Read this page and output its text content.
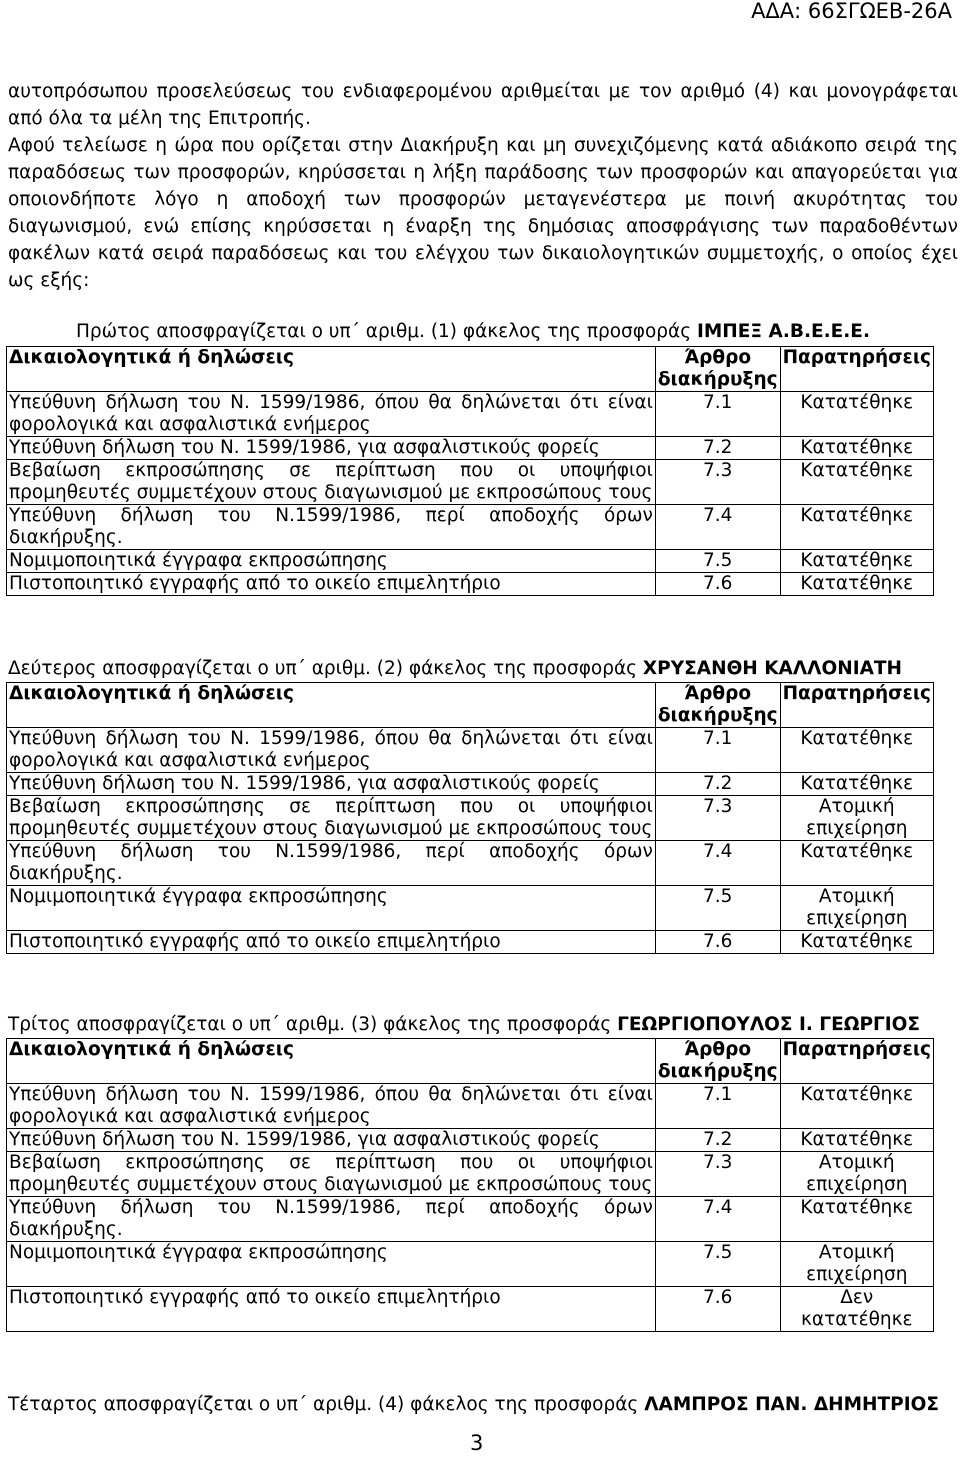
ΑΔΑ: 66ΣΓΩΕΒ-26Α

αυτοπρόσωπου προσελεύσεως του ενδιαφερομένου αριθμείται με τον αριθμό (4) και μονογράφεται από όλα τα μέλη της Επιτροπής.

Αφού τελείωσε η ώρα που ορίζεται στην Διακήρυξη και μη συνεχιζόμενης κατά αδιάκοπο σειρά της παραδόσεως των προσφορών, κηρύσσεται η λήξη παράδοσης των προσφορών και απαγορεύεται για οποιονδήποτε λόγο η αποδοχή των προσφορών μεταγενέστερα με ποινή ακυρότητας του διαγωνισμού, ενώ επίσης κηρύσσεται η έναρξη της δημόσιας αποσφράγισης των παραδοθέντων φακέλων κατά σειρά παραδόσεως και του ελέγχου των δικαιολογητικών συμμετοχής, ο οποίος έχει ως εξής:

Πρώτος αποσφραγίζεται ο υπ΄ αριθμ. (1) φάκελος της προσφοράς ΙΜΠΕΞ Α.Β.Ε.Ε.Ε.
Δικαιολογητικά ή δηλώσεις	Άρθρο διακήρυξης	Παρατηρήσεις
Υπεύθυνη δήλωση του Ν. 1599/1986, όπου θα δηλώνεται ότι είναι φορολογικά και ασφαλιστικά ενήμερος	7.1	Κατατέθηκε
Υπεύθυνη δήλωση του Ν. 1599/1986, για ασφαλιστικούς φορείς	7.2	Κατατέθηκε
Βεβαίωση εκπροσώπησης σε περίπτωση που οι υποψήφιοι προμηθευτές συμμετέχουν στους διαγωνισμού με εκπροσώπους τους	7.3	Κατατέθηκε
Υπεύθυνη δήλωση του Ν.1599/1986, περί αποδοχής όρων διακήρυξης.	7.4	Κατατέθηκε
Νομιμοποιητικά έγγραφα εκπροσώπησης	7.5	Κατατέθηκε
Πιστοποιητικό εγγραφής από το οικείο επιμελητήριο	7.6	Κατατέθηκε
Δεύτερος αποσφραγίζεται ο υπ΄ αριθμ. (2) φάκελος της προσφοράς ΧΡΥΣΑΝΘΗ ΚΑΛΛΟΝΙΑΤΗ
Δικαιολογητικά ή δηλώσεις	Άρθρο διακήρυξης	Παρατηρήσεις
Υπεύθυνη δήλωση του Ν. 1599/1986, όπου θα δηλώνεται ότι είναι φορολογικά και ασφαλιστικά ενήμερος	7.1	Κατατέθηκε
Υπεύθυνη δήλωση του Ν. 1599/1986, για ασφαλιστικούς φορείς	7.2	Κατατέθηκε
Βεβαίωση εκπροσώπησης σε περίπτωση που οι υποψήφιοι προμηθευτές συμμετέχουν στους διαγωνισμού με εκπροσώπους τους	7.3	Ατομική επιχείρηση
Υπεύθυνη δήλωση του Ν.1599/1986, περί αποδοχής όρων διακήρυξης.	7.4	Κατατέθηκε
Νομιμοποιητικά έγγραφα εκπροσώπησης	7.5	Ατομική επιχείρηση
Πιστοποιητικό εγγραφής από το οικείο επιμελητήριο	7.6	Κατατέθηκε
Τρίτος αποσφραγίζεται ο υπ΄ αριθμ. (3) φάκελος της προσφοράς ΓΕΩΡΓΙΟΠΟΥΛΟΣ Ι. ΓΕΩΡΓΙΟΣ
Δικαιολογητικά ή δηλώσεις	Άρθρο διακήρυξης	Παρατηρήσεις
Υπεύθυνη δήλωση του Ν. 1599/1986, όπου θα δηλώνεται ότι είναι φορολογικά και ασφαλιστικά ενήμερος	7.1	Κατατέθηκε
Υπεύθυνη δήλωση του Ν. 1599/1986, για ασφαλιστικούς φορείς	7.2	Κατατέθηκε
Βεβαίωση εκπροσώπησης σε περίπτωση που οι υποψήφιοι προμηθευτές συμμετέχουν στους διαγωνισμού με εκπροσώπους τους	7.3	Ατομική επιχείρηση
Υπεύθυνη δήλωση του Ν.1599/1986, περί αποδοχής όρων διακήρυξης.	7.4	Κατατέθηκε
Νομιμοποιητικά έγγραφα εκπροσώπησης	7.5	Ατομική επιχείρηση
Πιστοποιητικό εγγραφής από το οικείο επιμελητήριο	7.6	Δεν κατατέθηκε
Τέταρτος αποσφραγίζεται ο υπ΄ αριθμ. (4) φάκελος της προσφοράς ΛΑΜΠΡΟΣ ΠΑΝ. ΔΗΜΗΤΡΙΟΣ
3
